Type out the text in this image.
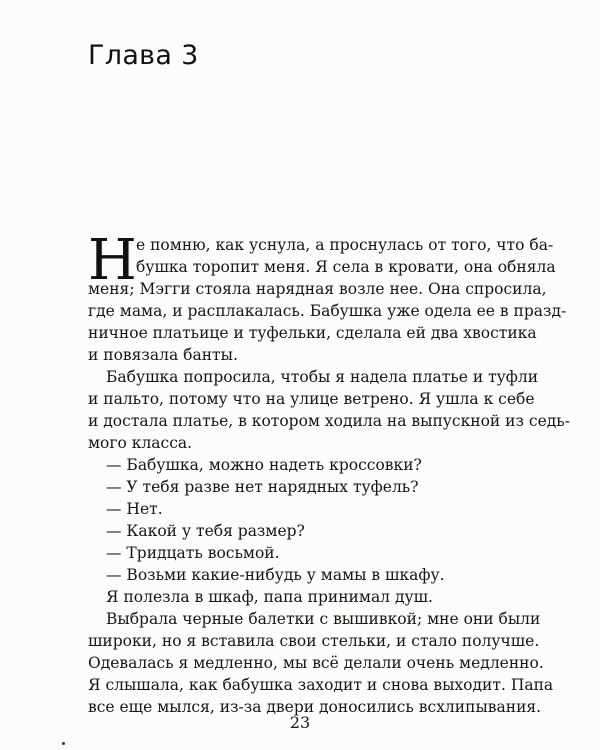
Глава 3
Н е помню, как уснула, а проснулась от того, что ба-
бушка торопит меня. Я села в кровати, она обняла
меня; Мэгги стояла нарядная возле нее. Она спросила,
где мама, и расплакалась. Бабушка уже одела ее в празд-
ничное платьице и туфельки, сделала ей два хвостика
и повязала банты.
Бабушка попросила, чтобы я надела платье и туфли
и пальто, потому что на улице ветрено. Я ушла к себе
и достала платье, в котором ходила на выпускной из седь-
мого класса.
— Бабушка, можно надеть кроссовки?
— У тебя разве нет нарядных туфель?
— Нет.
— Какой у тебя размер?
— Тридцать восьмой.
— Возьми какие-нибудь у мамы в шкафу.
Я полезла в шкаф, папа принимал душ.
Выбрала черные балетки с вышивкой; мне они были
широки, но я вставила свои стельки, и стало получше.
Одевалась я медленно, мы всё делали очень медленно.
Я слышала, как бабушка заходит и снова выходит. Папа
все еще мылся, из-за двери доносились всхлипывания.
23
